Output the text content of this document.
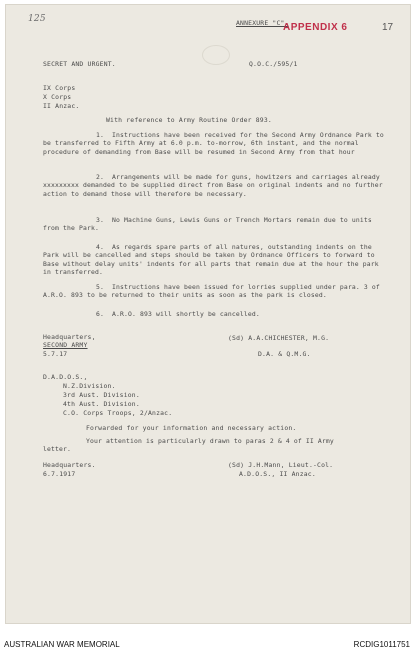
125	ANNEXURE "C".
SECRET AND URGENT.	Q.O.C./595/1
IX Corps
X Corps
II Anzac.
With reference to Army Routine Order 893.
1. Instructions have been received for the Second Army Ordnance Park to be transferred to Fifth Army at 6.0 p.m. to-morrow, 6th instant, and the normal procedure of demanding from Base will be resumed in Second Army from that hour
2. Arrangements will be made for guns, howitzers and carriages already xxxxxxxxx demanded to be supplied direct from Base on original indents and no further action to demand those will therefore be necessary.
3. No Machine Guns, Lewis Guns or Trench Mortars remain due to units from the Park.
4. As regards spare parts of all natures, outstanding indents on the Park will be cancelled and steps should be taken by Ordnance Officers to forward to Base without delay units' indents for all parts that remain due at the hour the park in transferred.
5. Instructions have been issued for lorries supplied under para. 3 of A.R.O. 893 to be returned to their units as soon as the park is closed.
6. A.R.O. 893 will shortly be cancelled.
Headquarters,
SECOND ARMY
5.7.17
(Sd) A.A.CHICHESTER, M.G.
D.A. & Q.M.G.
D.A.D.O.S.,
N.Z.Division.
3rd Aust. Division.
4th Aust. Division.
C.O. Corps Troops, 2/Anzac.
Forwarded for your information and necessary action.
Your attention is particularly drawn to paras 2 & 4 of II Army letter.
Headquarters.
6.7.1917
(Sd) J.H.Mann, Lieut.-Col.
A.D.O.S., II Anzac.
APPENDIX 6	17
AUSTRALIAN WAR MEMORIAL	RCDIG1011751
